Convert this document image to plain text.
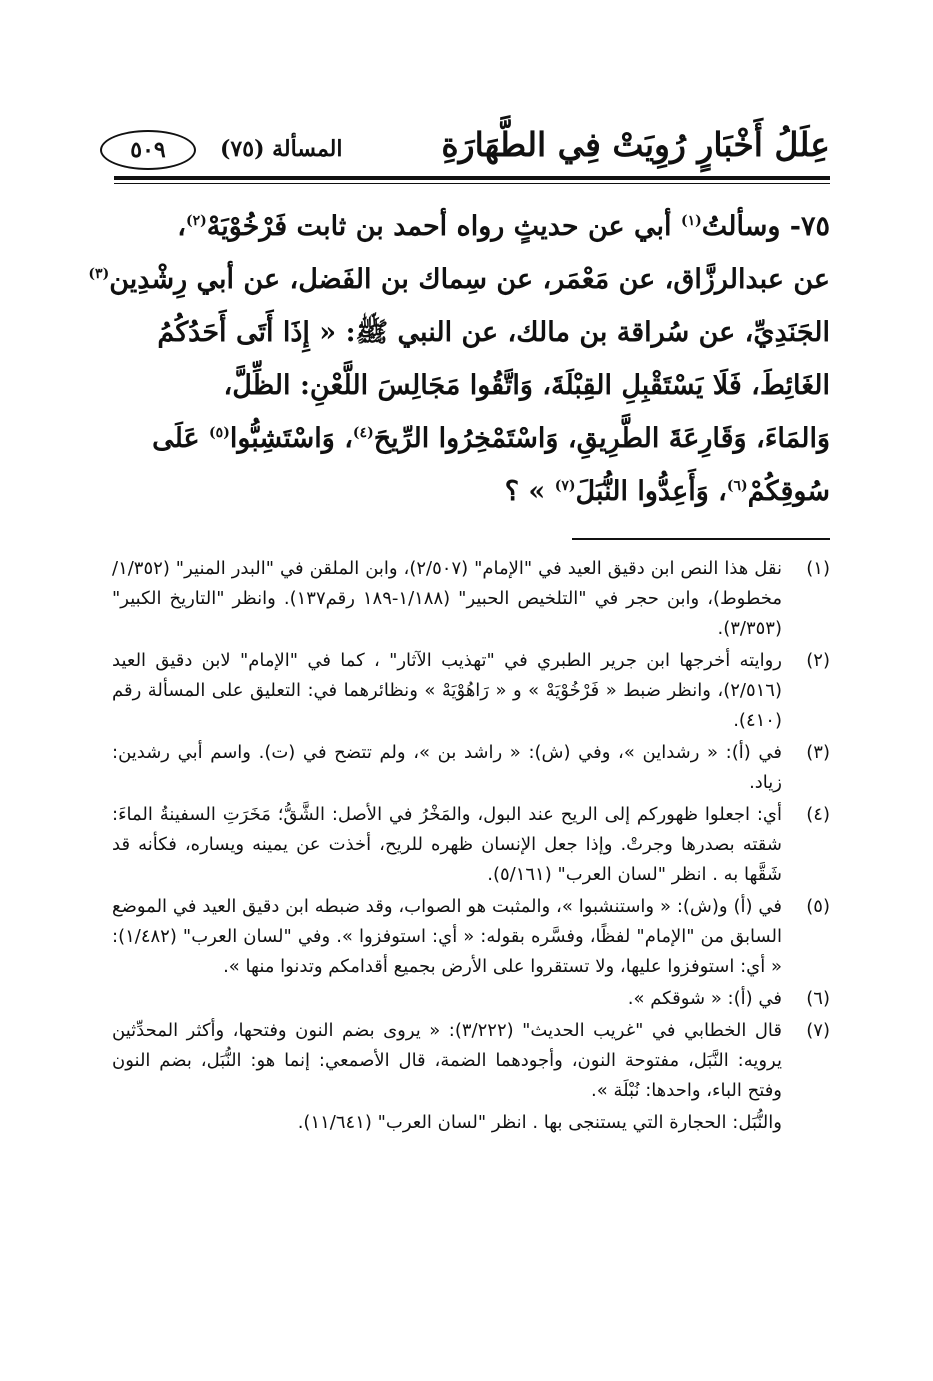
عِلَلُ أَخْبَارٍ رُوِيَتْ فِي الطَّهَارَةِ
المسألة (٧٥)
٥٠٩
٧٥- وسألتُ$^{(١)}$ أبي عن حديثٍ رواه أحمد بن ثابت فَرْخُوْيَهْ$^{(٢)}$،
عن عبدالرزَّاق، عن مَعْمَر، عن سِماك بن الفَضل، عن أبي رِشْدِين$^{(٣)}$
الجَنَدِيِّ، عن سُراقة بن مالك، عن النبي ﷺ: « إِذَا أَتَى أَحَدُكُمُ
الغَائِطَ، فَلَا يَسْتَقْبِلِ القِبْلَةَ، وَاتَّقُوا مَجَالِسَ اللَّعْنِ: الظِّلَّ،
وَالمَاءَ، وَقَارِعَةَ الطَّرِيقِ، وَاسْتَمْخِرُوا الرِّيحَ$^{(٤)}$، وَاسْتَشِبُّوا$^{(٥)}$ عَلَى
سُوقِكُمْ$^{(٦)}$، وَأَعِدُّوا النُّبَلَ$^{(٧)}$ » ؟
(١)
نقل هذا النص ابن دقيق العيد في "الإمام" (٢/٥٠٧)، وابن الملقن في "البدر المنير" (١/٣٥٢/مخطوط)، وابن حجر في "التلخيص الحبير" (١/١٨٨-١٨٩ رقم١٣٧). وانظر "التاريخ الكبير" (٣/٣٥٣).
(٢)
روايته أخرجها ابن جرير الطبري في "تهذيب الآثار" ، كما في "الإمام" لابن دقيق العيد (٢/٥١٦)، وانظر ضبط « فَرْخُوْيَهْ » و « رَاهُوْيَهْ » ونظائرهما في: التعليق على المسألة رقم (٤١٠).
(٣)
في (أ): « رشداين »، وفي (ش): « راشد بن »، ولم تتضح في (ت). واسم أبي رشدين: زياد.
(٤)
أي: اجعلوا ظهوركم إلى الريح عند البول، والمَخْرُ في الأصل: الشَّقُّ؛ مَخَرَتِ السفينةُ الماءَ: شقته بصدرها وجرتْ. وإذا جعل الإنسان ظهره للريح، أخذت عن يمينه ويساره، فكأنه قد شَقَّها به . انظر "لسان العرب" (٥/١٦١).
(٥)
في (أ) و(ش): « واستنشبوا »، والمثبت هو الصواب، وقد ضبطه ابن دقيق العيد في الموضع السابق من "الإمام" لفظًا، وفسَّره بقوله: « أي: استوفزوا ». وفي "لسان العرب" (١/٤٨٢): « أي: استوفزوا عليها، ولا تستقروا على الأرض بجميع أقدامكم وتدنوا منها ».
(٦)
في (أ): « شوقكم ».
(٧)
قال الخطابي في "غريب الحديث" (٣/٢٢٢): « يروى بضم النون وفتحها، وأكثر المحدِّثين يرويه: النَّبَل، مفتوحة النون، وأجودهما الضمة، قال الأصمعي: إنما هو: النُّبَل، بضم النون وفتح الباء، واحدها: نُبْلَة ».
والنُّبَل: الحجارة التي يستنجى بها . انظر "لسان العرب" (١١/٦٤١).
